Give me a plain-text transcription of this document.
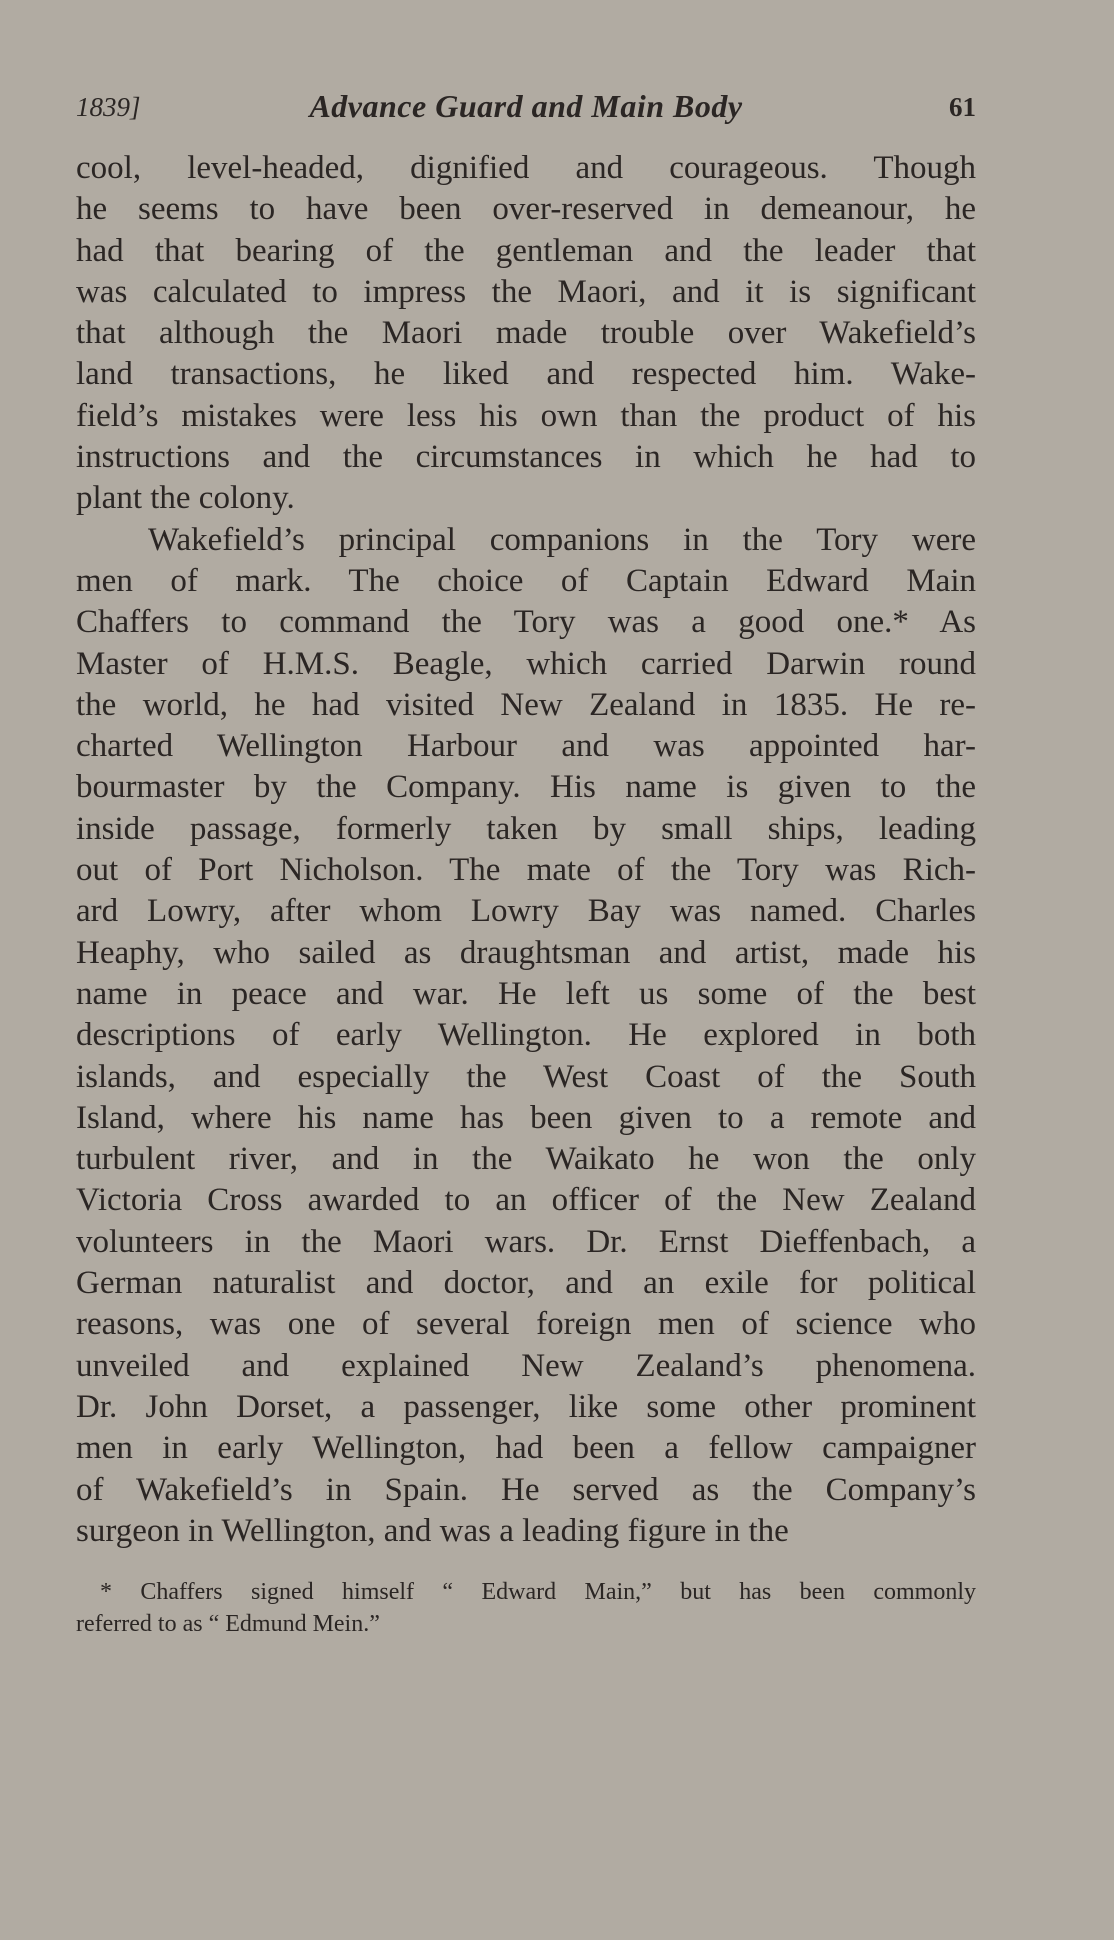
1839]	Advance Guard and Main Body	61
cool, level-headed, dignified and courageous. Though
he seems to have been over-reserved in demeanour, he
had that bearing of the gentleman and the leader that
was calculated to impress the Maori, and it is significant
that although the Maori made trouble over Wakefield’s
land transactions, he liked and respected him. Wake-
field’s mistakes were less his own than the product of his
instructions and the circumstances in which he had to
plant the colony.
Wakefield’s principal companions in the Tory were
men of mark. The choice of Captain Edward Main
Chaffers to command the Tory was a good one.* As
Master of H.M.S. Beagle, which carried Darwin round
the world, he had visited New Zealand in 1835. He re-
charted Wellington Harbour and was appointed har-
bourmaster by the Company. His name is given to the
inside passage, formerly taken by small ships, leading
out of Port Nicholson. The mate of the Tory was Rich-
ard Lowry, after whom Lowry Bay was named. Charles
Heaphy, who sailed as draughtsman and artist, made his
name in peace and war. He left us some of the best
descriptions of early Wellington. He explored in both
islands, and especially the West Coast of the South
Island, where his name has been given to a remote and
turbulent river, and in the Waikato he won the only
Victoria Cross awarded to an officer of the New Zealand
volunteers in the Maori wars. Dr. Ernst Dieffenbach, a
German naturalist and doctor, and an exile for political
reasons, was one of several foreign men of science who
unveiled and explained New Zealand’s phenomena.
Dr. John Dorset, a passenger, like some other prominent
men in early Wellington, had been a fellow campaigner
of Wakefield’s in Spain. He served as the Company’s
surgeon in Wellington, and was a leading figure in the
* Chaffers signed himself “ Edward Main,” but has been commonly
referred to as “ Edmund Mein.”
